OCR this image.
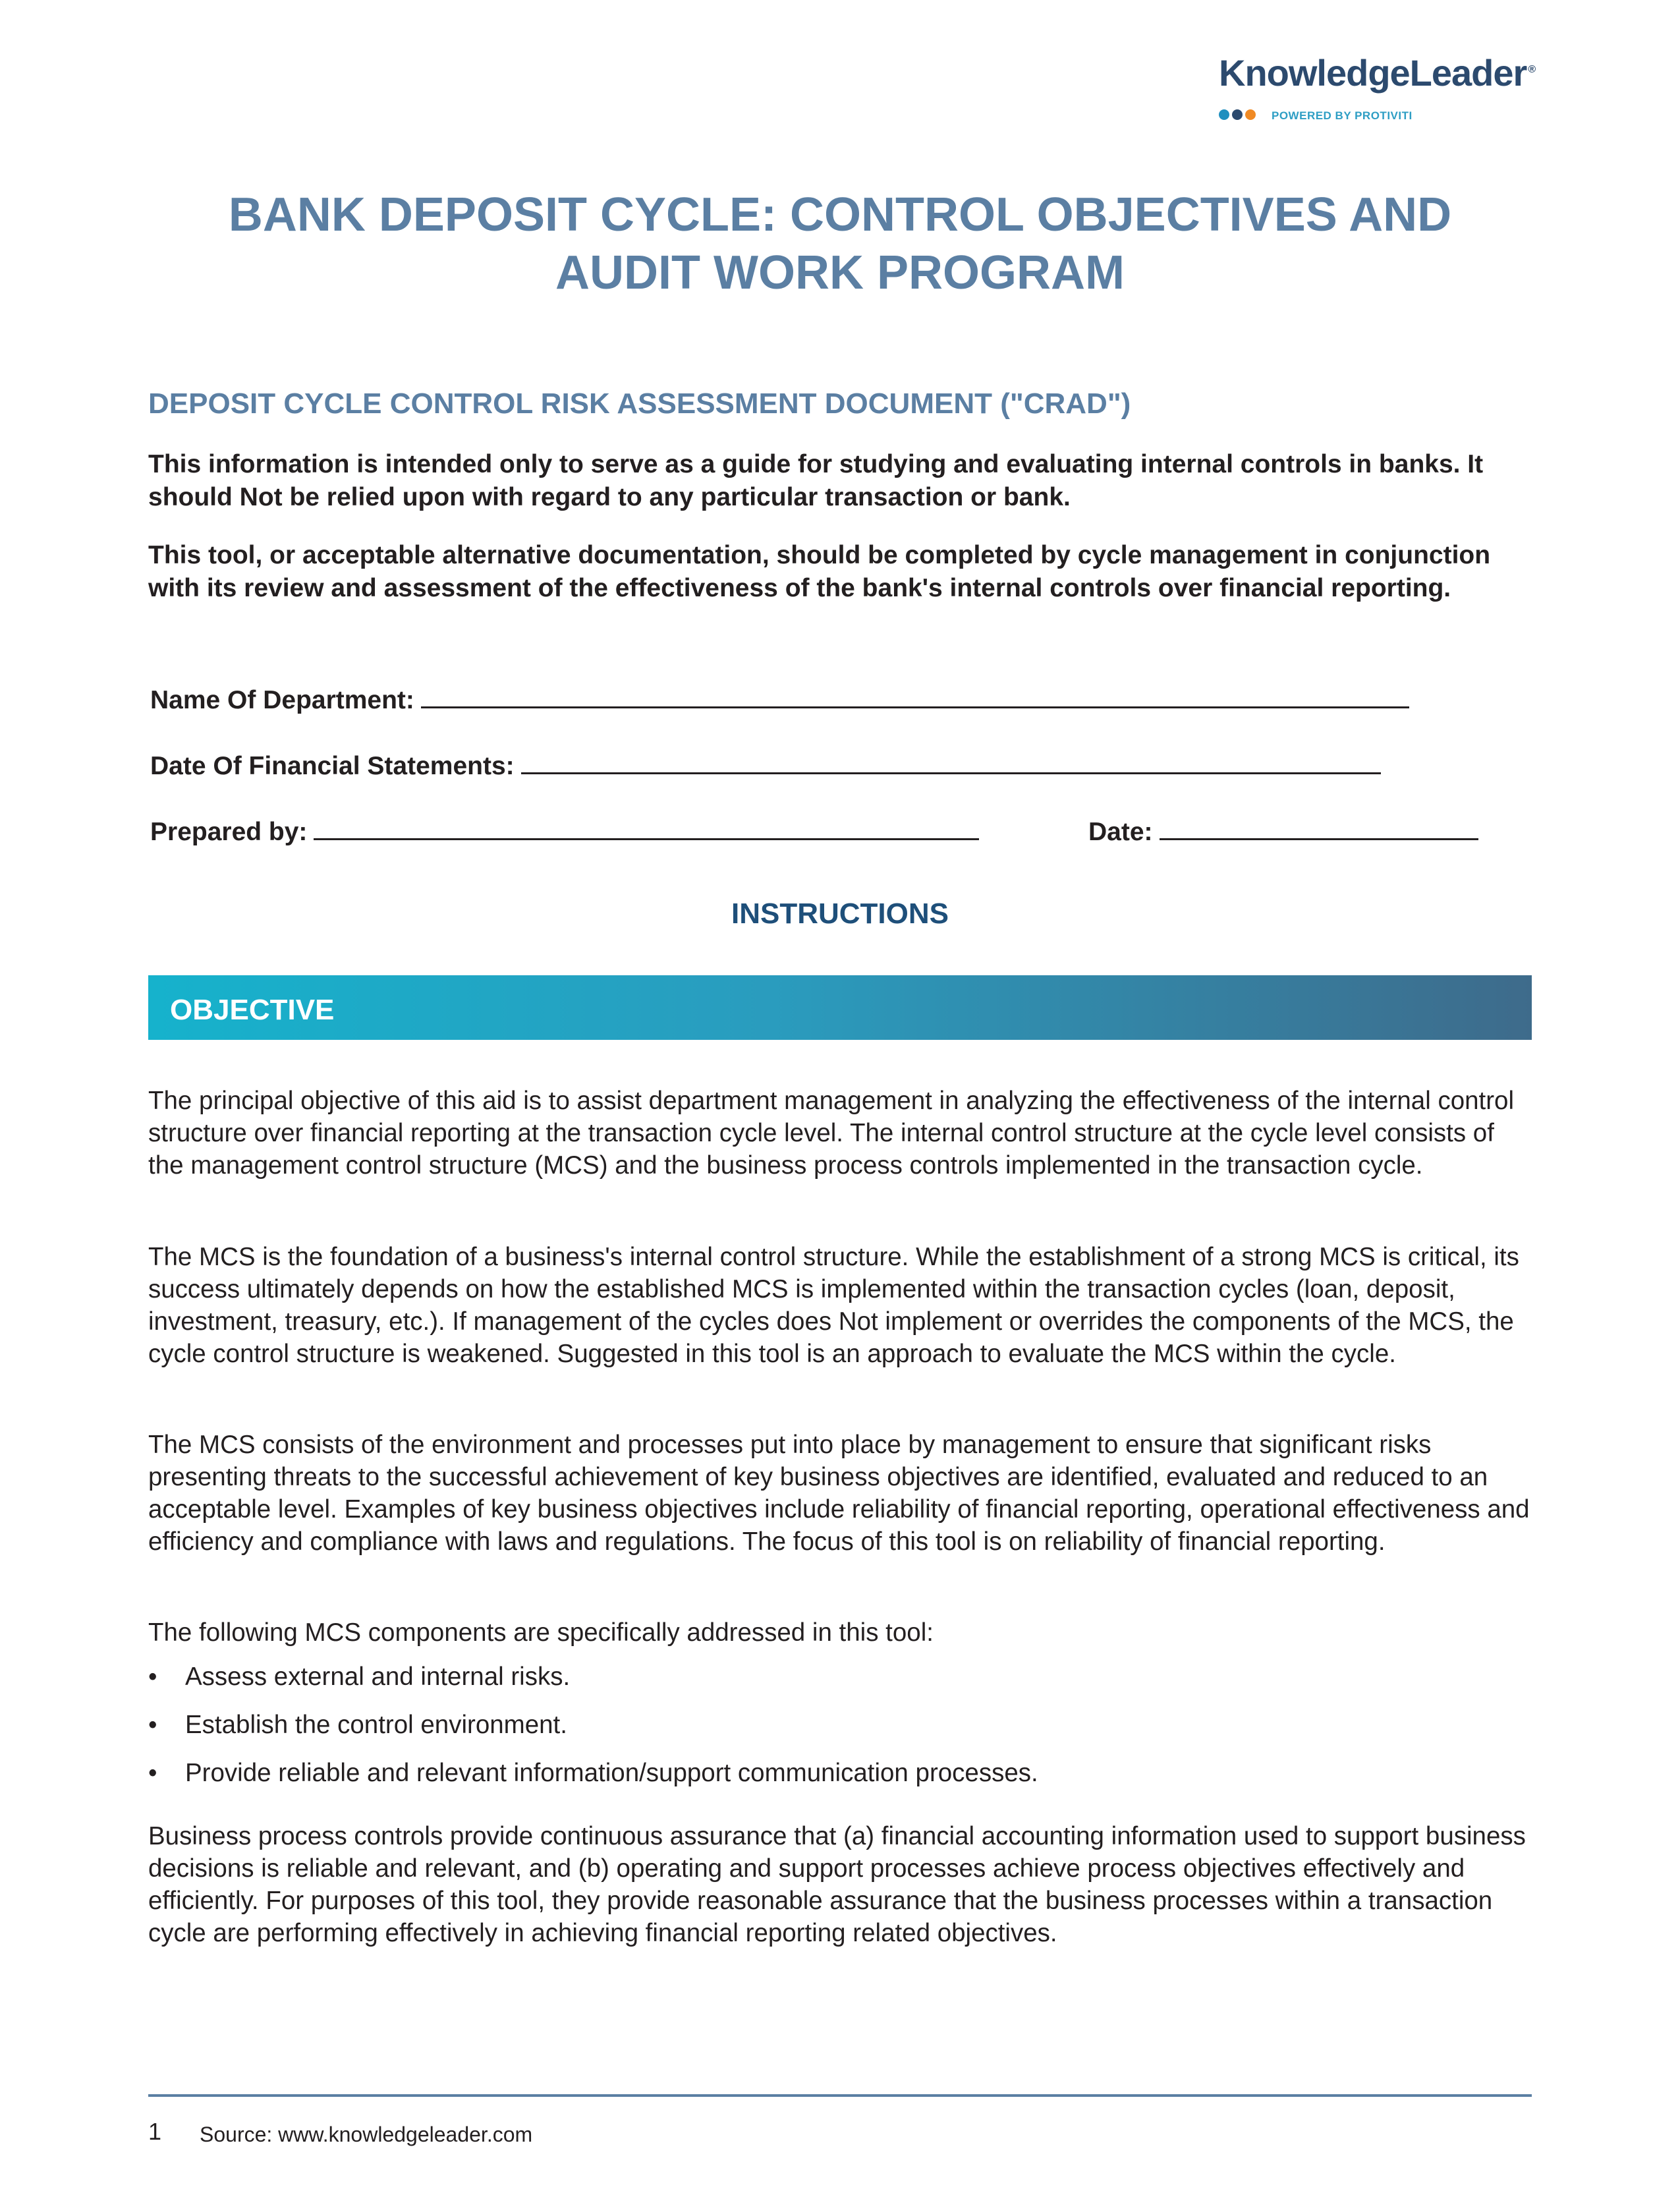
KnowledgeLeader ®
POWERED BY PROTIVITI
BANK DEPOSIT CYCLE: CONTROL OBJECTIVES AND
AUDIT WORK PROGRAM
DEPOSIT CYCLE CONTROL RISK ASSESSMENT DOCUMENT ("CRAD")

This information is intended only to serve as a guide for studying and evaluating internal controls in banks. It should Not be relied upon with regard to any particular transaction or bank.

This tool, or acceptable alternative documentation, should be completed by cycle management in conjunction with its review and assessment of the effectiveness of the bank's internal controls over financial reporting.

Name Of Department:
Date Of Financial Statements:
Prepared by:	Date:
INSTRUCTIONS
OBJECTIVE

The principal objective of this aid is to assist department management in analyzing the effectiveness of the internal control structure over financial reporting at the transaction cycle level. The internal control structure at the cycle level consists of the management control structure (MCS) and the business process controls implemented in the transaction cycle.

The MCS is the foundation of a business's internal control structure. While the establishment of a strong MCS is critical, its success ultimately depends on how the established MCS is implemented within the transaction cycles (loan, deposit, investment, treasury, etc.). If management of the cycles does Not implement or overrides the components of the MCS, the cycle control structure is weakened. Suggested in this tool is an approach to evaluate the MCS within the cycle.

The MCS consists of the environment and processes put into place by management to ensure that significant risks presenting threats to the successful achievement of key business objectives are identified, evaluated and reduced to an acceptable level. Examples of key business objectives include reliability of financial reporting, operational effectiveness and efficiency and compliance with laws and regulations. The focus of this tool is on reliability of financial reporting.

The following MCS components are specifically addressed in this tool:

• Assess external and internal risks.
• Establish the control environment.
• Provide reliable and relevant information/support communication processes.

Business process controls provide continuous assurance that (a) financial accounting information used to support business decisions is reliable and relevant, and (b) operating and support processes achieve process objectives effectively and efficiently. For purposes of this tool, they provide reasonable assurance that the business processes within a transaction cycle are performing effectively in achieving financial reporting related objectives.

1 Source: www.knowledgeleader.com
